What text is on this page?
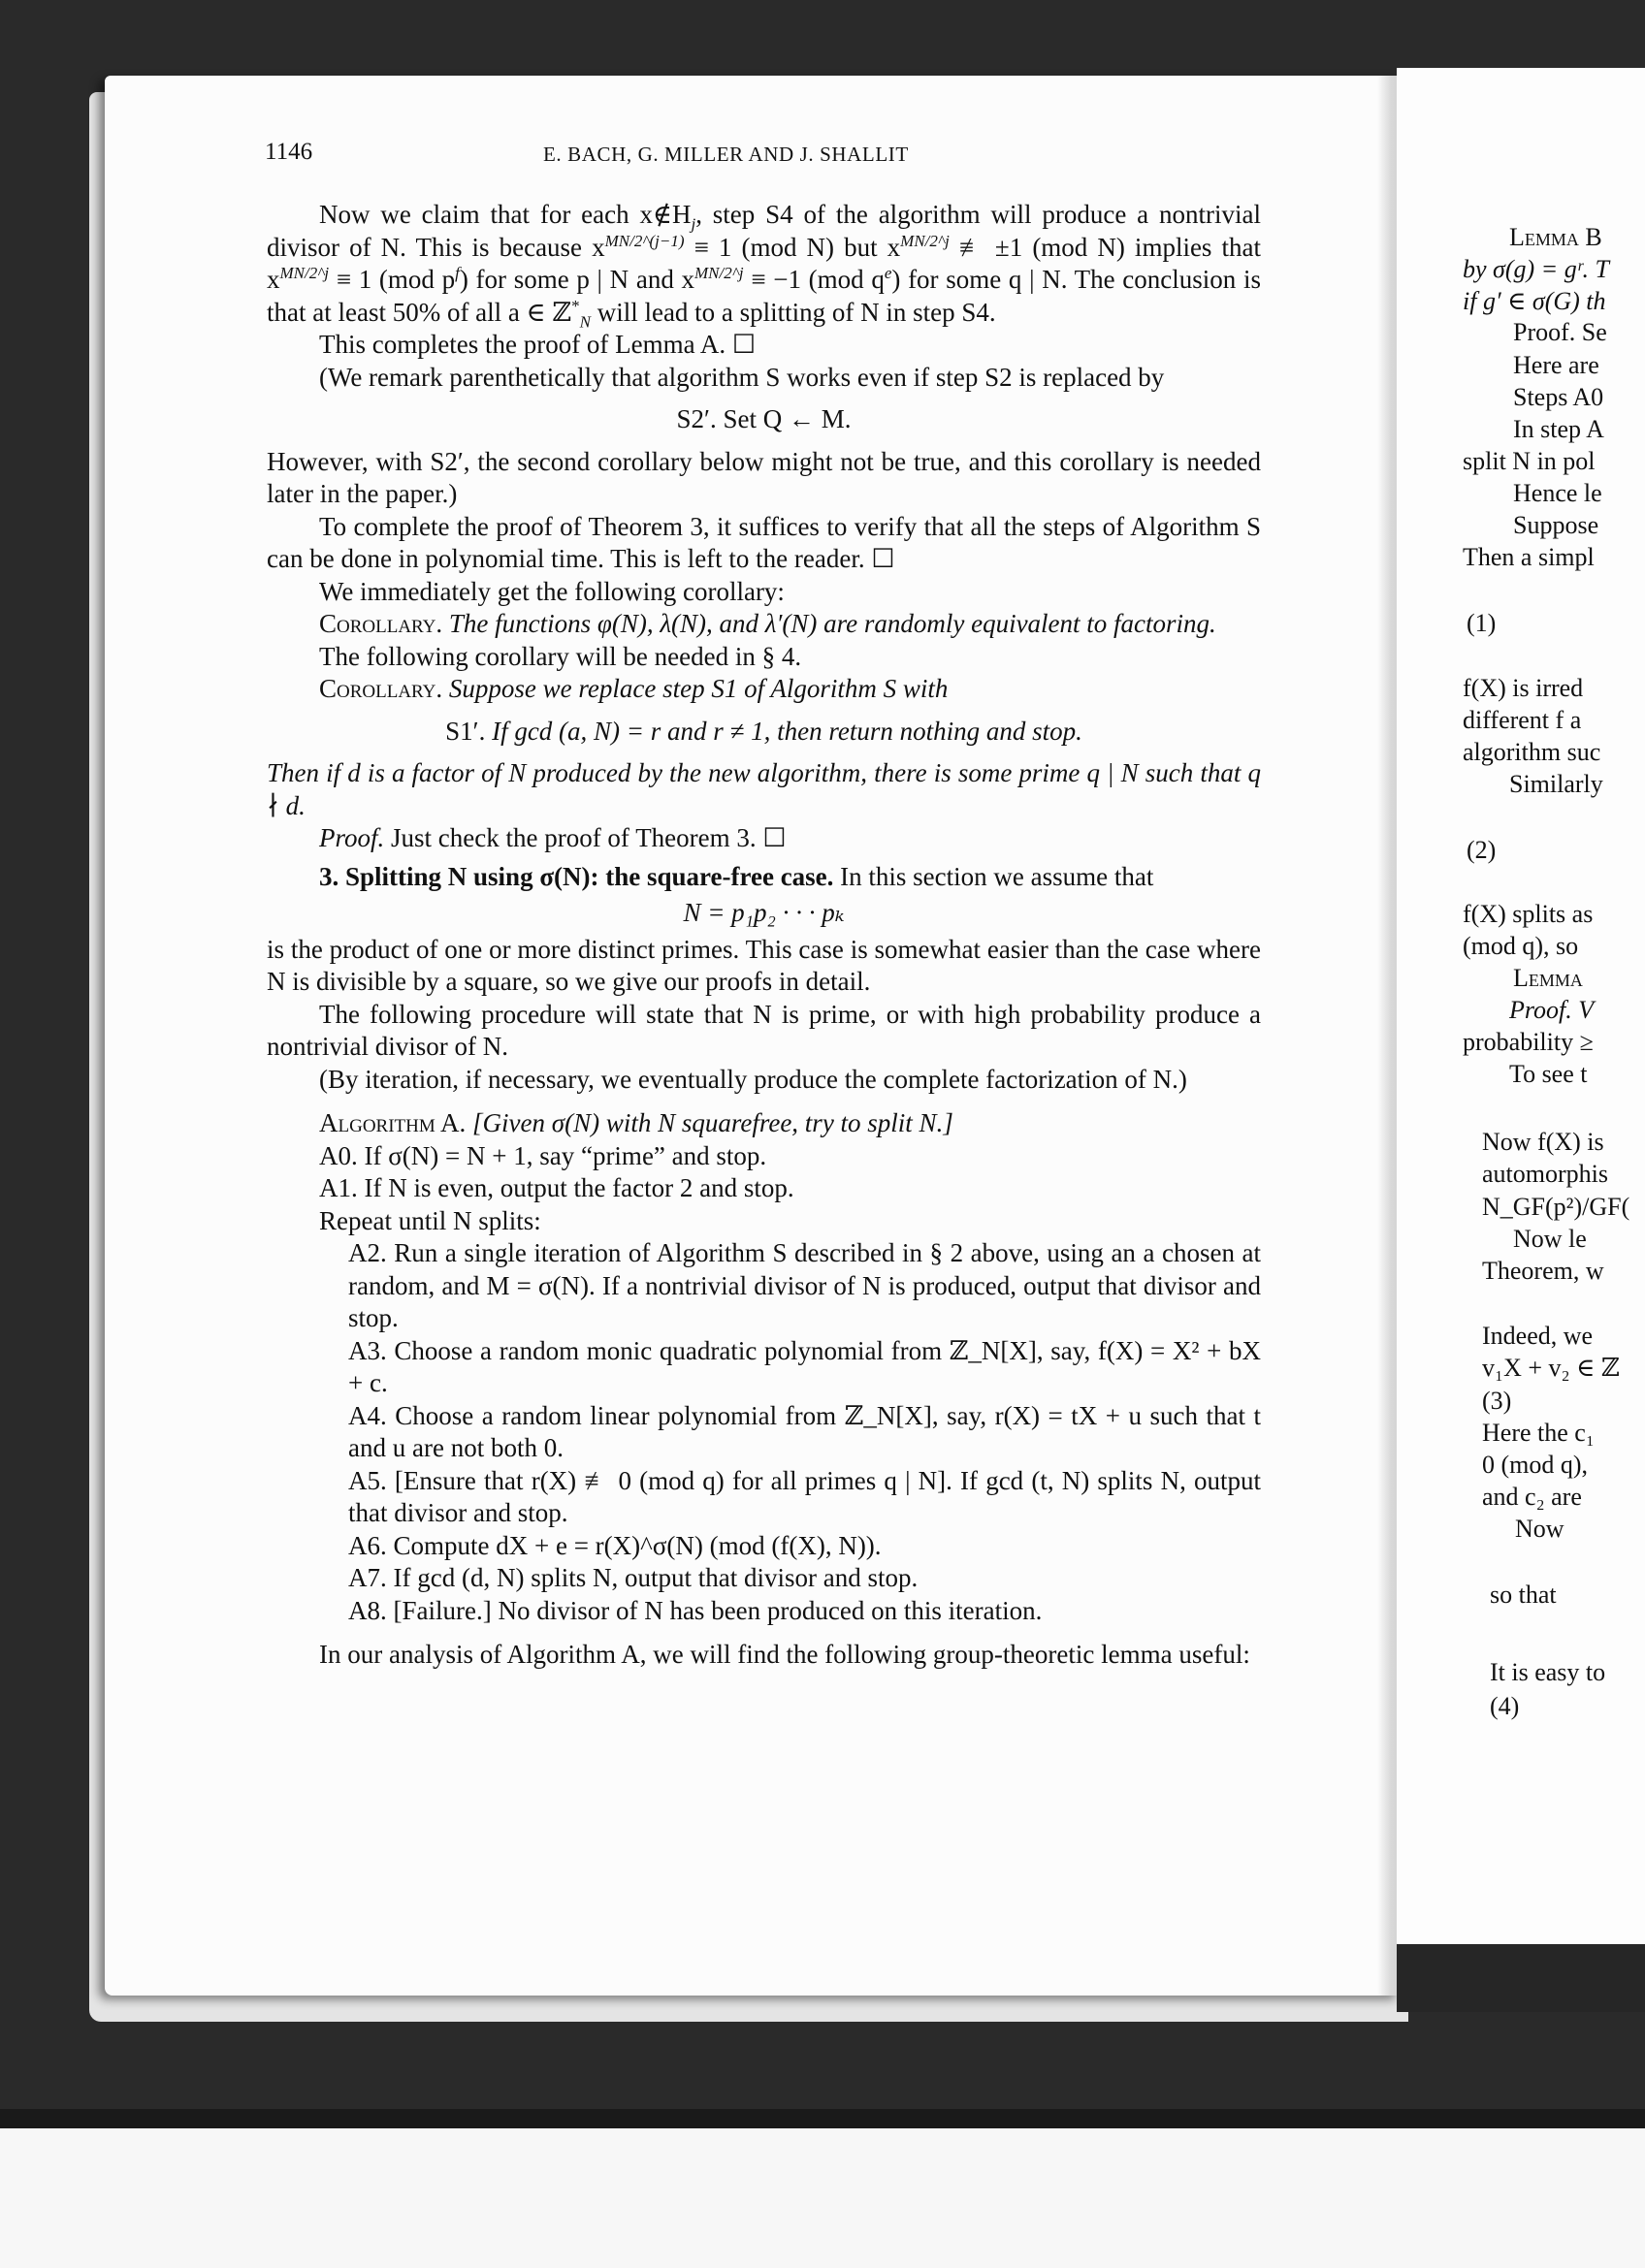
Lemma B
by σ(g) = gʳ. T
if g′ ∈ σ(G) th
Proof. Se
Here are
Steps A0
In step A
split N in pol
Hence le
Suppose
Then a simpl
(1)
f(X) is irred
different f a
algorithm suc
Similarly
(2)
f(X) splits as
(mod q), so
Lemma
Proof. V
probability ≥
To see t
Now f(X) is
automorphis
N_GF(p²)/GF(
Now le
Theorem, w
Indeed, we
v₁X + v₂ ∈ ℤ
(3)
Here the c₁
0 (mod q),
and c₂ are
Now
so that
It is easy to
(4)
1146	E. BACH, G. MILLER AND J. SHALLIT

Now we claim that for each $x\notin H_j$, step S4 of the algorithm will produce a nontrivial divisor of N. This is because $x^{MN/2\^{}(j-1)} \equiv 1$ (mod N) but $x^{MN/2\^{}j}$ ≢ ±1 (mod N) implies that $x^{MN/2\^{}j} \equiv 1$ (mod $p^f$) for some p | N and $x^{MN/2\^{}j} \equiv -1$ (mod $q^e$) for some q | N. The conclusion is that at least 50% of all a ∈ ℤ*$_N$ will lead to a splitting of N in step S4.

This completes the proof of Lemma A. ☐

(We remark parenthetically that algorithm S works even if step S2 is replaced by

S2′. Set Q ← M.

However, with S2′, the second corollary below might not be true, and this corollary is needed later in the paper.)

To complete the proof of Theorem 3, it suffices to verify that all the steps of Algorithm S can be done in polynomial time. This is left to the reader. ☐

We immediately get the following corollary:

Corollary. The functions φ(N), λ(N), and λ′(N) are randomly equivalent to factoring.

The following corollary will be needed in § 4.

Corollary. Suppose we replace step S1 of Algorithm S with

S1′. If gcd (a, N) = r and r ≠ 1, then return nothing and stop.

Then if d is a factor of N produced by the new algorithm, there is some prime q | N such that q ∤ d.

Proof. Just check the proof of Theorem 3. ☐

3. Splitting N using σ(N): the square-free case. In this section we assume that

N = p₁p₂ · · · pₖ

is the product of one or more distinct primes. This case is somewhat easier than the case where N is divisible by a square, so we give our proofs in detail.

The following procedure will state that N is prime, or with high probability produce a nontrivial divisor of N.

(By iteration, if necessary, we eventually produce the complete factorization of N.)

Algorithm A. [Given σ(N) with N squarefree, try to split N.]

A0. If σ(N) = N + 1, say “prime” and stop.

A1. If N is even, output the factor 2 and stop.

Repeat until N splits:

A2. Run a single iteration of Algorithm S described in § 2 above, using an a chosen at random, and M = σ(N). If a nontrivial divisor of N is produced, output that divisor and stop.

A3. Choose a random monic quadratic polynomial from ℤ_N[X], say, f(X) = X² + bX + c.

A4. Choose a random linear polynomial from ℤ_N[X], say, r(X) = tX + u such that t and u are not both 0.

A5. [Ensure that r(X) ≢ 0 (mod q) for all primes q | N]. If gcd (t, N) splits N, output that divisor and stop.

A6. Compute dX + e = r(X)^σ(N) (mod (f(X), N)).

A7. If gcd (d, N) splits N, output that divisor and stop.

A8. [Failure.] No divisor of N has been produced on this iteration.

In our analysis of Algorithm A, we will find the following group-theoretic lemma useful:
